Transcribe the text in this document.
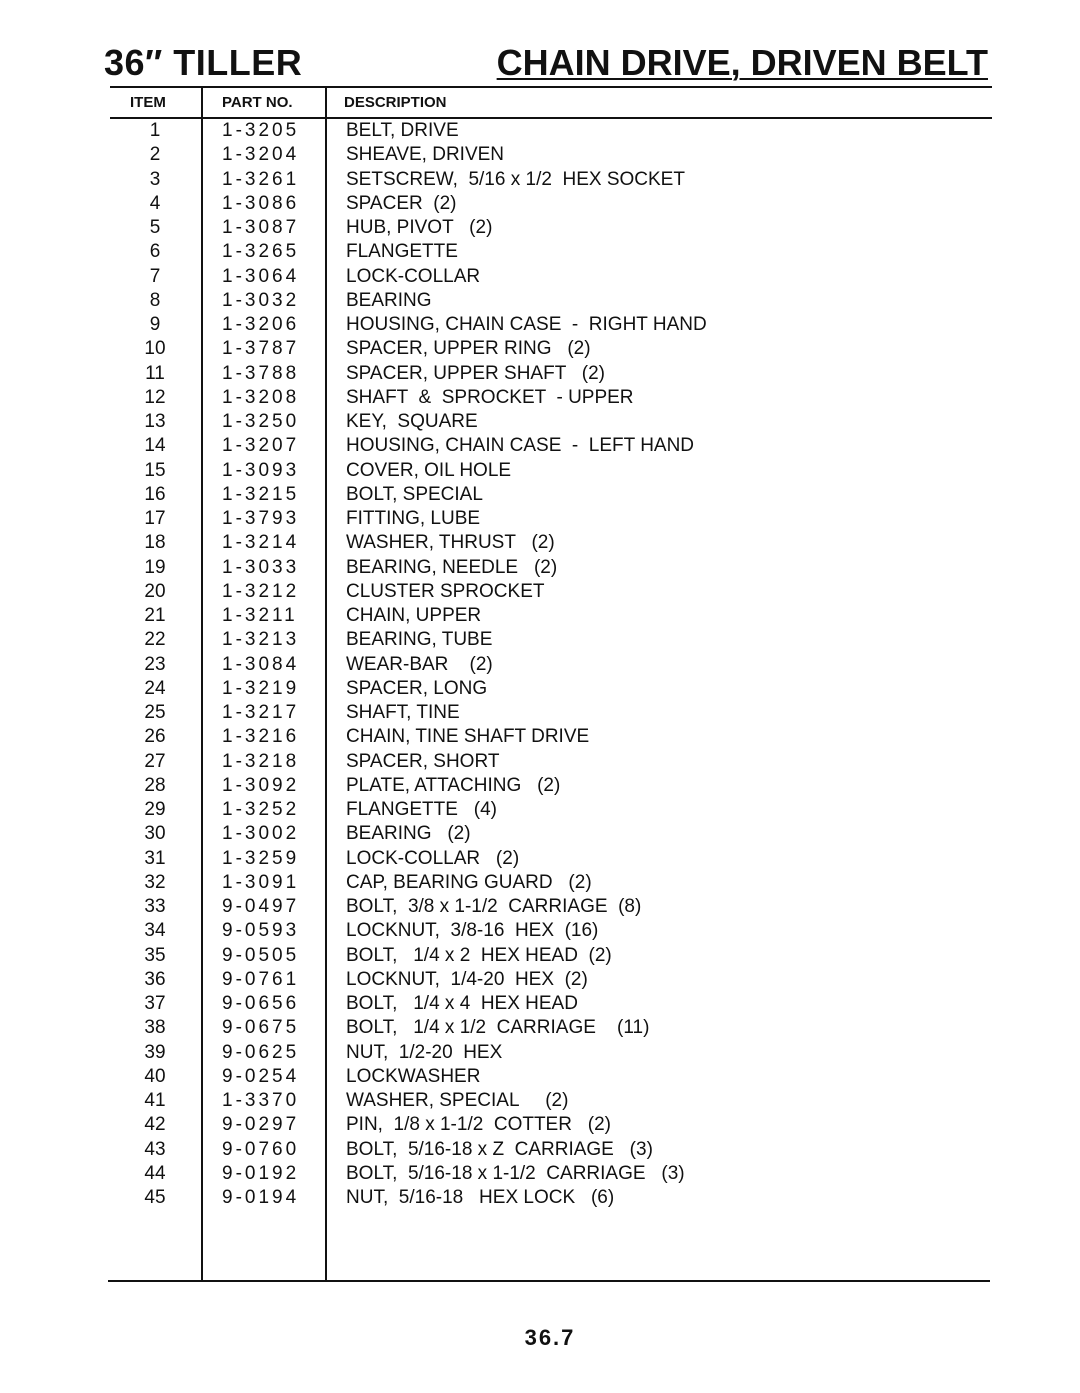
36″ TILLER	CHAIN DRIVE, DRIVEN BELT
ITEM	PART NO.	DESCRIPTION
1	1-3205 BELT, DRIVE
2	1-3204 SHEAVE, DRIVEN
3	1-3261 SETSCREW,  5/16 x 1/2  HEX SOCKET
4	1-3086 SPACER  (2)
5	1-3087 HUB, PIVOT   (2)
6	1-3265 FLANGETTE
7	1-3064 LOCK-COLLAR
8	1-3032 BEARING
9	1-3206 HOUSING, CHAIN CASE  -  RIGHT HAND
10	1-3787 SPACER, UPPER RING   (2)
11	1-3788 SPACER, UPPER SHAFT   (2)
12	1-3208 SHAFT  &  SPROCKET  - UPPER
13	1-3250 KEY,  SQUARE
14	1-3207 HOUSING, CHAIN CASE  -  LEFT HAND
15	1-3093 COVER, OIL HOLE
16	1-3215 BOLT, SPECIAL
17	1-3793 FITTING, LUBE
18	1-3214 WASHER, THRUST   (2)
19	1-3033 BEARING, NEEDLE   (2)
20	1-3212 CLUSTER SPROCKET
21	1-3211	CHAIN, UPPER
22	1-3213 BEARING, TUBE
23	1-3084 WEAR-BAR    (2)
24	1-3219 SPACER, LONG
25	1-3217 SHAFT, TINE
26	1-3216 CHAIN, TINE SHAFT DRIVE
27	1-3218 SPACER, SHORT
28	1-3092 PLATE, ATTACHING   (2)
29	1-3252 FLANGETTE   (4)
30	1-3002 BEARING   (2)
31	1-3259 LOCK-COLLAR   (2)
32	1-3091 CAP, BEARING GUARD   (2)
33	9-0497 BOLT,  3/8 x 1-1/2  CARRIAGE  (8)
34	9-0593 LOCKNUT,  3/8-16  HEX  (16)
35	9-0505 BOLT,   1/4 x 2  HEX HEAD  (2)
36	9-0761 LOCKNUT,  1/4-20  HEX  (2)
37	9-0656 BOLT,   1/4 x 4  HEX HEAD
38	9-0675 BOLT,   1/4 x 1/2  CARRIAGE    (11)
39	9-0625 NUT,  1/2-20  HEX
40	9-0254 LOCKWASHER
41	1-3370 WASHER, SPECIAL     (2)
42	9-0297 PIN,  1/8 x 1-1/2  COTTER   (2)
43	9-0760 BOLT,  5/16-18 x Z  CARRIAGE   (3)
44	9-0192 BOLT,  5/16-18 x 1-1/2  CARRIAGE   (3)
45	9-0194 NUT,  5/16-18   HEX LOCK   (6)
36.7
